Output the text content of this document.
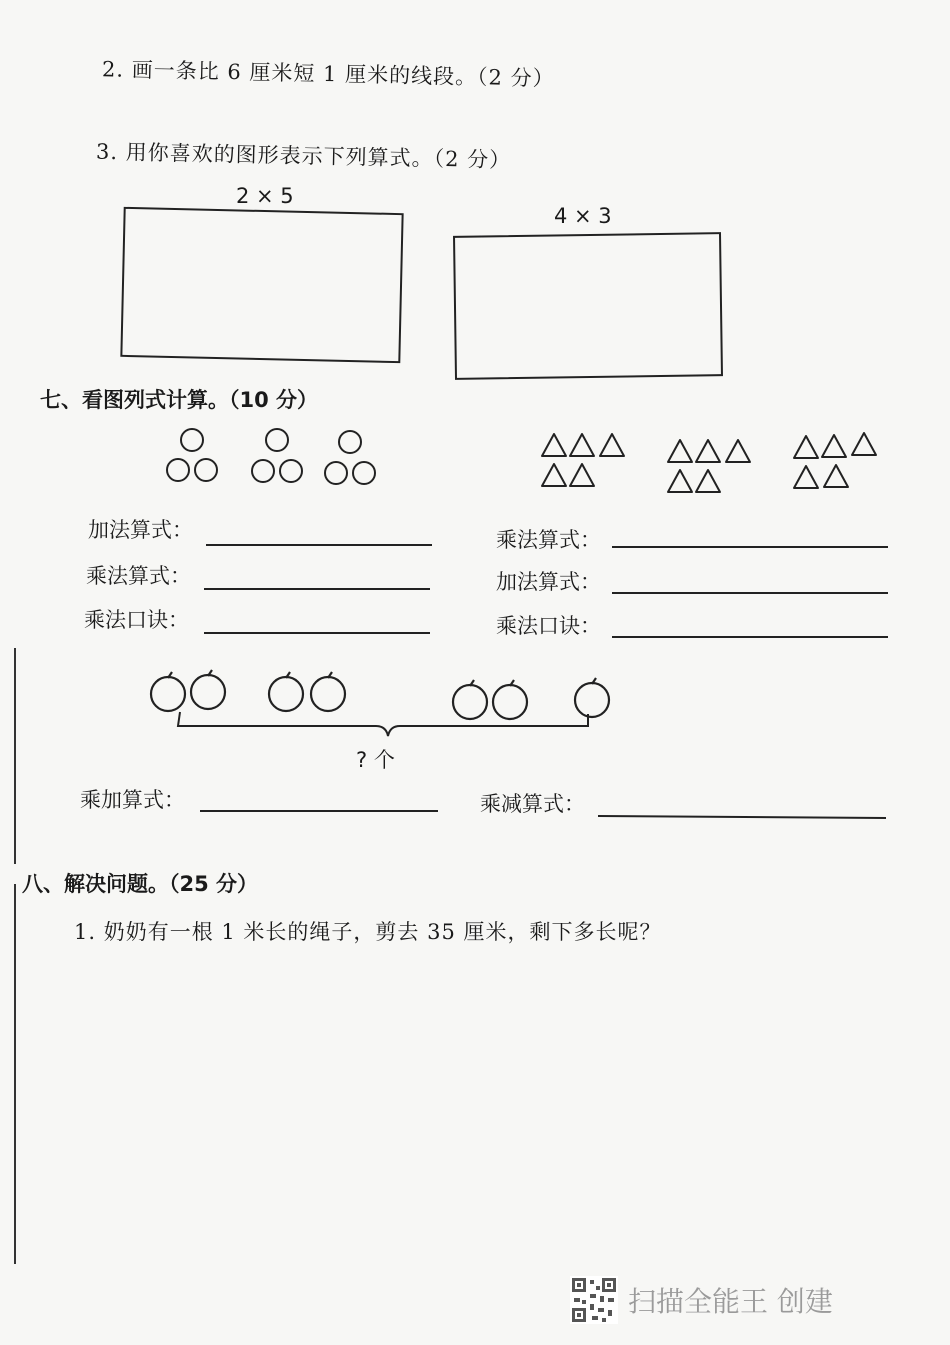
2. 画一条比 6 厘米短 1 厘米的线段。（2 分）
3. 用你喜欢的图形表示下列算式。（2 分）
2 × 5
4 × 3
七、看图列式计算。（10 分）
加法算式：
乘法算式：
乘法口诀：
乘法算式：
加法算式：
乘法口诀：
? 个
乘加算式：	乘减算式：
八、解决问题。（25 分）
1. 奶奶有一根 1 米长的绳子，剪去 35 厘米，剩下多长呢？
扫描全能王 创建
